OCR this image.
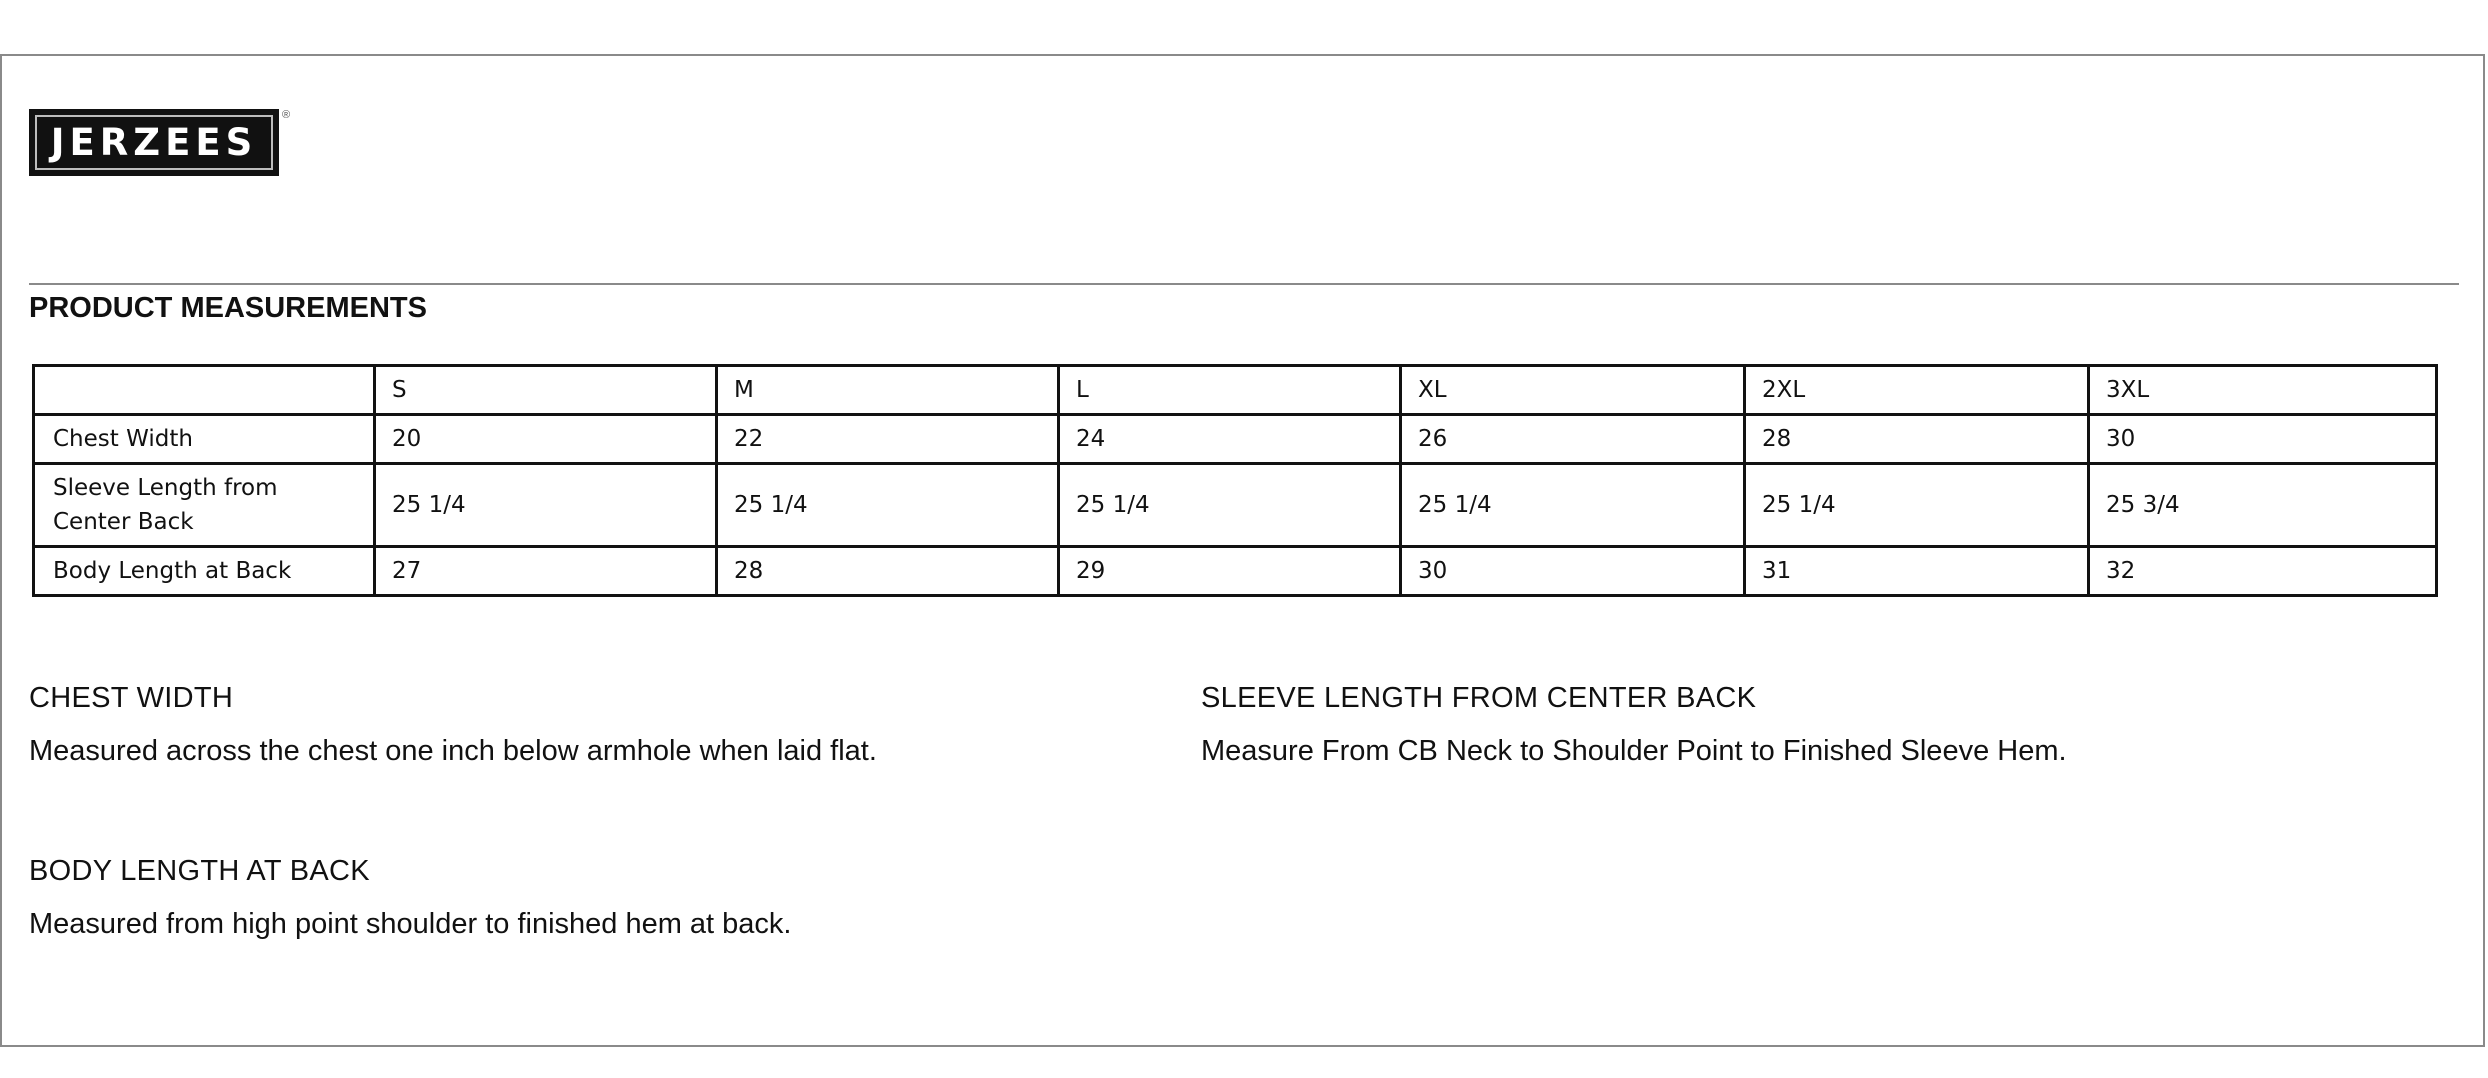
JERZEES
®
PRODUCT MEASUREMENTS
	S	M	L	XL	2XL	3XL
Chest Width	20	22	24	26	28	30
Sleeve Length from Center Back	25 1/4	25 1/4	25 1/4	25 1/4	25 1/4	25 3/4
Body Length at Back	27	28	29	30	31	32

CHEST WIDTH

Measured across the chest one inch below armhole when laid flat.

SLEEVE LENGTH FROM CENTER BACK

Measure From CB Neck to Shoulder Point to Finished Sleeve Hem.

BODY LENGTH AT BACK

Measured from high point shoulder to finished hem at back.
